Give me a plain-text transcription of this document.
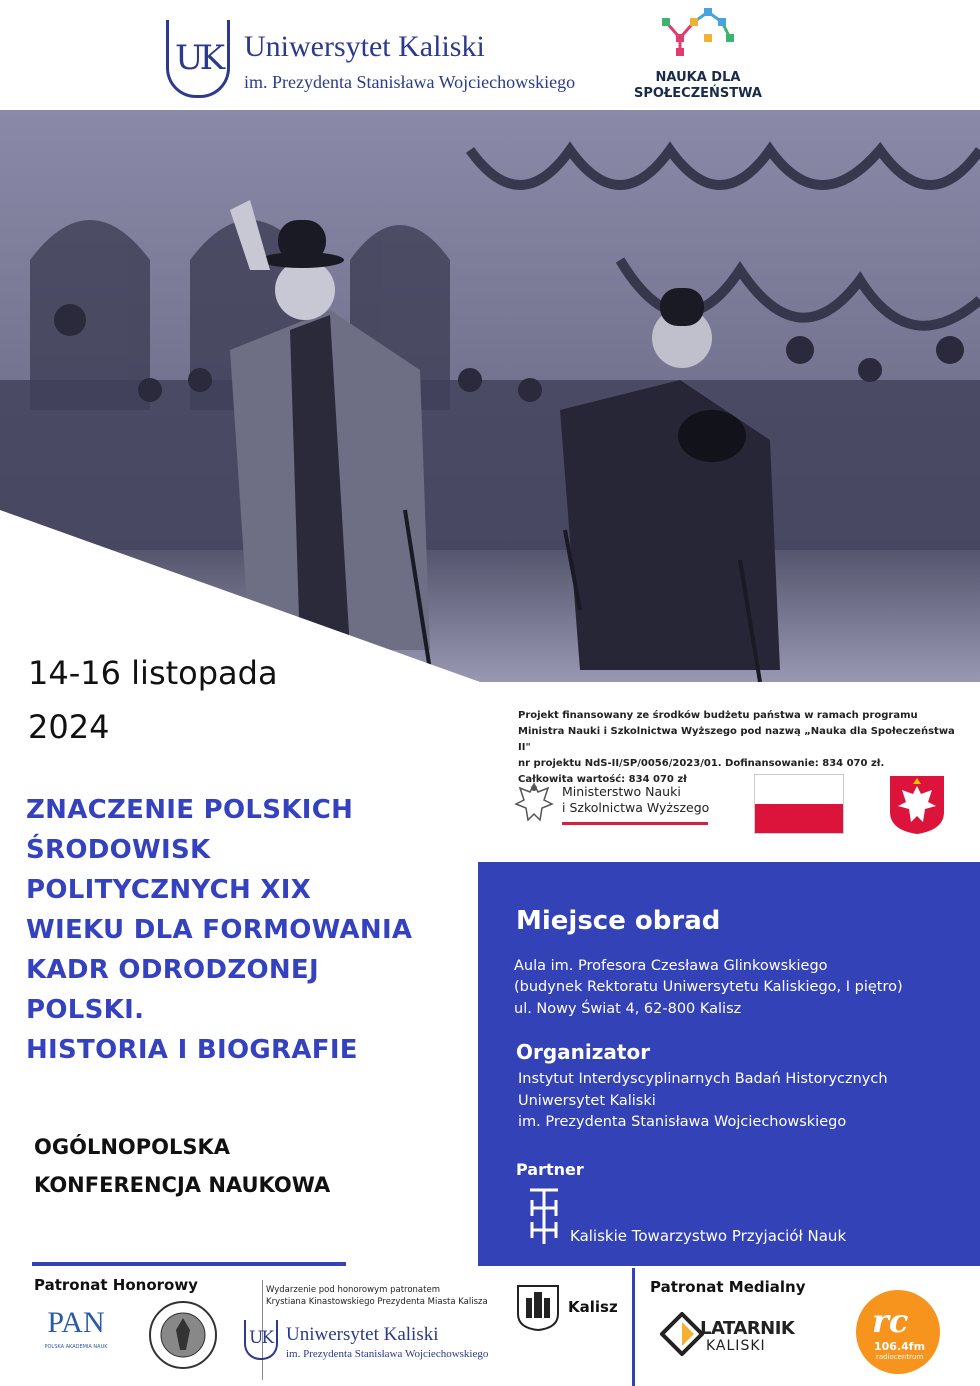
UK Uniwersytet Kaliski
im. Prezydenta Stanisława Wojciechowskiego	NAUKA DLA
SPOŁECZEŃSTWA
14-16 listopada
2024
ZNACZENIE POLSKICH
ŚRODOWISK
POLITYCZNYCH XIX
WIEKU DLA FORMOWANIA
KADR ODRODZONEJ
POLSKI.
HISTORIA I BIOGRAFIE
OGÓLNOPOLSKA
KONFERENCJA NAUKOWA
Projekt finansowany ze środków budżetu państwa w ramach programu
Ministra Nauki i Szkolnictwa Wyższego pod nazwą „Nauka dla Społeczeństwa II"
nr projektu NdS-II/SP/0056/2023/01. Dofinansowanie: 834 070 zł.
Całkowita wartość: 834 070 zł
Ministerstwo Nauki
i Szkolnictwa Wyższego
Miejsce obrad
Aula im. Profesora Czesława Glinkowskiego
(budynek Rektoratu Uniwersytetu Kaliskiego, I piętro)
ul. Nowy Świat 4, 62-800 Kalisz
Organizator
Instytut Interdyscyplinarnych Badań Historycznych
Uniwersytet Kaliski
im. Prezydenta Stanisława Wojciechowskiego
Partner
Kaliskie Towarzystwo Przyjaciół Nauk
Patronat Honorowy	Patronat Medialny
PAN
POLSKA AKADEMIA NAUK
Wydarzenie pod honorowym patronatem
Krystiana Kinastowskiego Prezydenta Miasta Kalisza	Kalisz
UK Uniwersytet Kaliski
im. Prezydenta Stanisława Wojciechowskiego
LATARNIK
KALISKI
rc
106.4fm
radiocentrum
